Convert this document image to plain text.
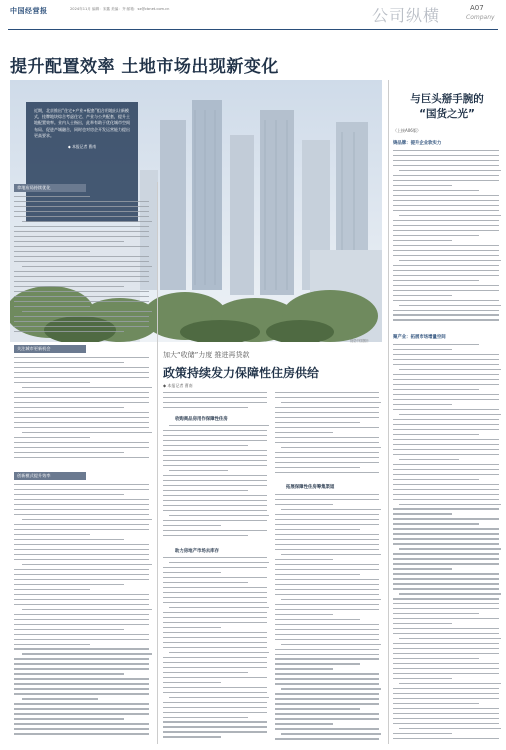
中国经营报	2024年11月 编辑：宋鑫 美编：齐 邮箱：sx@cbnet.com.cn	公司纵横	A07
Company
提升配置效率 土地市场出现新变化
近期，北京推出“住宅+产业+配套”组合用地出让新模式，挂牌地块综合考虑住宅、产业与公共配套，提升土地配置效率。业内人士指出，此举有助于优化城市空间布局、促进产城融合，同时也对房企开发运营能力提出更高要求。
◆ 本报记者 曹南
视觉中国图片
拿地布局持续优化
关注城市更新机会
创新模式提升效率
加大“收储”力度 推进再贷款
政策持续发力保障性住房供给
◆ 本报记者 曹南
收购商品房用作保障性住房
助力房地产市场去库存
拓展保障性住房筹集渠道
与巨头掰手腕的
“国货之光”
（上接A06版）
铸品牌：提升企业软实力
聚产业：拓展市场增量空间
